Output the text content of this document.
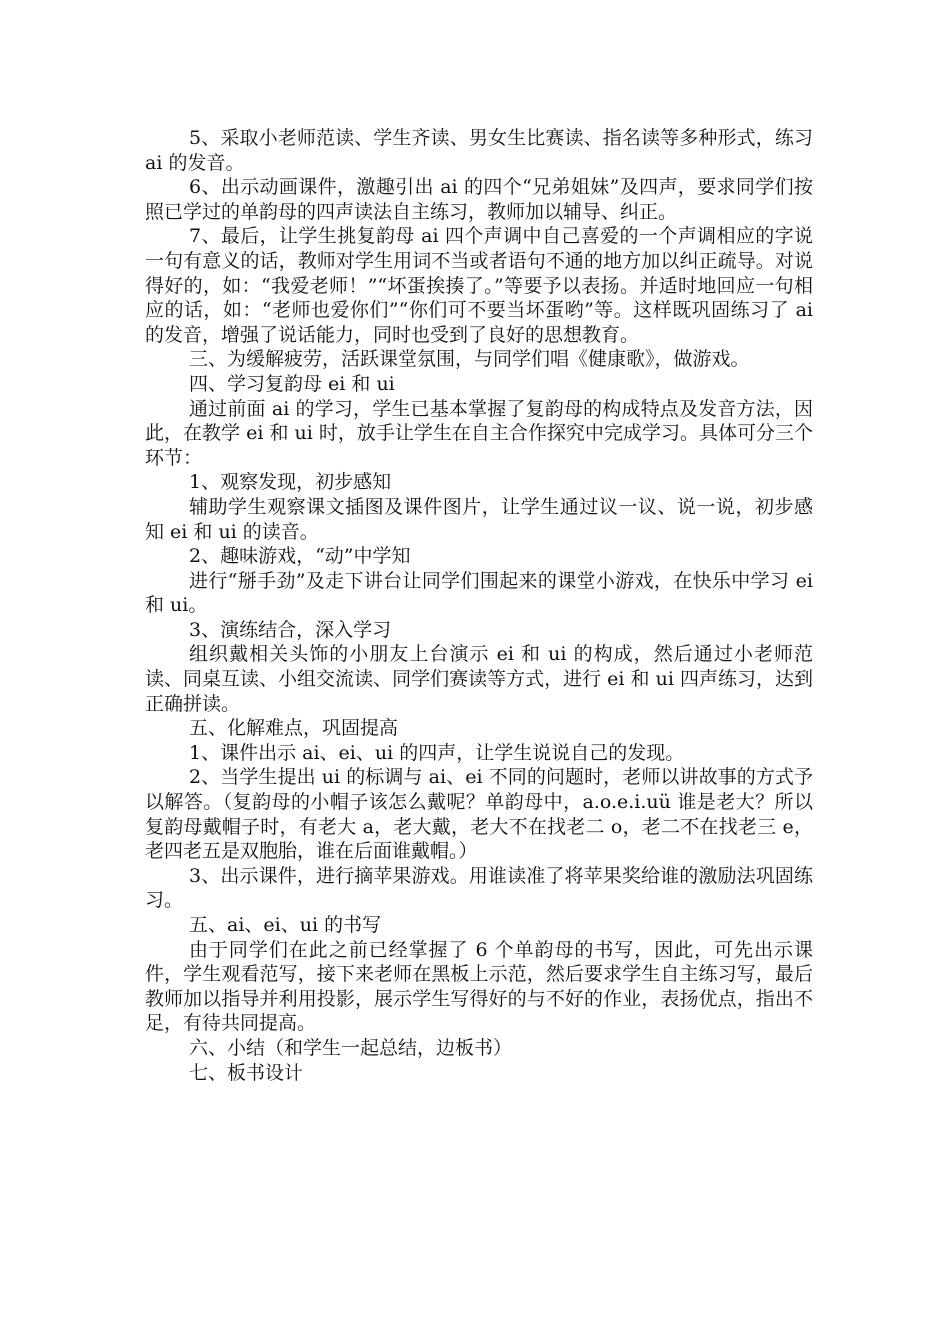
5、采取小老师范读、学生齐读、男女生比赛读、指名读等多种形式，练习 ai 的发音。

6、出示动画课件，激趣引出 ai 的四个“兄弟姐妹”及四声，要求同学们按照已学过的单韵母的四声读法自主练习，教师加以辅导、纠正。

7、最后，让学生挑复韵母 ai 四个声调中自己喜爱的一个声调相应的字说一句有意义的话，教师对学生用词不当或者语句不通的地方加以纠正疏导。对说得好的，如：“我爱老师！”“坏蛋挨揍了。”等要予以表扬。并适时地回应一句相应的话，如：“老师也爱你们”“你们可不要当坏蛋哟”等。这样既巩固练习了 ai 的发音，增强了说话能力，同时也受到了良好的思想教育。

三、为缓解疲劳，活跃课堂氛围，与同学们唱《健康歌》，做游戏。

四、学习复韵母 ei 和 ui

通过前面 ai 的学习，学生已基本掌握了复韵母的构成特点及发音方法，因此，在教学 ei 和 ui 时，放手让学生在自主合作探究中完成学习。具体可分三个环节：

1、观察发现，初步感知

辅助学生观察课文插图及课件图片，让学生通过议一议、说一说，初步感知 ei 和 ui 的读音。

2、趣味游戏，“动”中学知

进行“掰手劲”及走下讲台让同学们围起来的课堂小游戏，在快乐中学习 ei 和 ui。

3、演练结合，深入学习

组织戴相关头饰的小朋友上台演示 ei 和 ui 的构成，然后通过小老师范读、同桌互读、小组交流读、同学们赛读等方式，进行 ei 和 ui 四声练习，达到正确拼读。

五、化解难点，巩固提高

1、课件出示 ai、ei、ui 的四声，让学生说说自己的发现。

2、当学生提出 ui 的标调与 ai、ei 不同的问题时，老师以讲故事的方式予以解答。（复韵母的小帽子该怎么戴呢？单韵母中，a.o.e.i.uü 谁是老大？所以复韵母戴帽子时，有老大 a，老大戴，老大不在找老二 o，老二不在找老三 e，老四老五是双胞胎，谁在后面谁戴帽。）

3、出示课件，进行摘苹果游戏。用谁读准了将苹果奖给谁的激励法巩固练习。

五、ai、ei、ui 的书写

由于同学们在此之前已经掌握了 6 个单韵母的书写，因此，可先出示课件，学生观看范写，接下来老师在黑板上示范，然后要求学生自主练习写，最后教师加以指导并利用投影，展示学生写得好的与不好的作业，表扬优点，指出不足，有待共同提高。

六、小结（和学生一起总结，边板书）

七、板书设计
